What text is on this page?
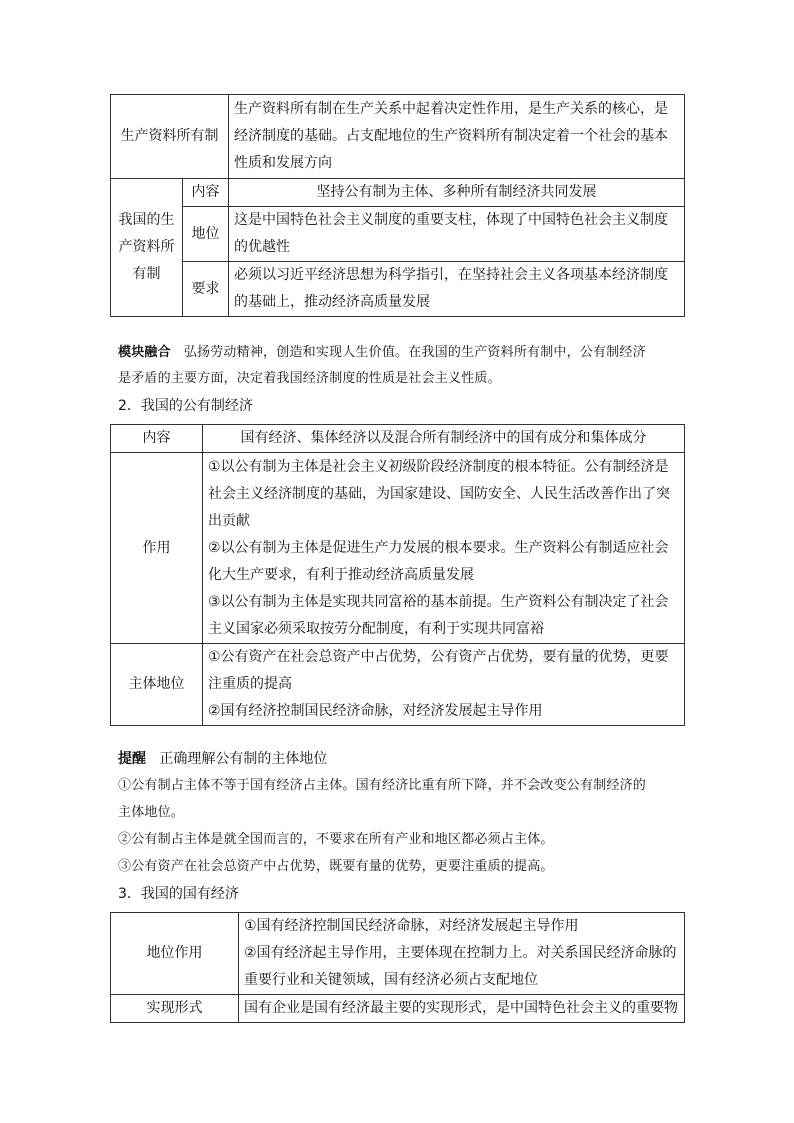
生产资料所有制		生产资料所有制在生产关系中起着决定性作用，是生产关系的核心，是经济制度的基础。占支配地位的生产资料所有制决定着一个社会的基本性质和发展方向
我国的生产资料所有制	内容	坚持公有制为主体、多种所有制经济共同发展
	地位	这是中国特色社会主义制度的重要支柱，体现了中国特色社会主义制度的优越性
	要求	必须以习近平经济思想为科学指引，在坚持社会主义各项基本经济制度的基础上，推动经济高质量发展

模块融合 弘扬劳动精神，创造和实现人生价值。在我国的生产资料所有制中，公有制经济

是矛盾的主要方面，决定着我国经济制度的性质是社会主义性质。

2．我国的公有制经济

内容	国有经济、集体经济以及混合所有制经济中的国有成分和集体成分
作用	①以公有制为主体是社会主义初级阶段经济制度的根本特征。公有制经济是社会主义经济制度的基础，为国家建设、国防安全、人民生活改善作出了突出贡献
②以公有制为主体是促进生产力发展的根本要求。生产资料公有制适应社会化大生产要求，有利于推动经济高质量发展
③以公有制为主体是实现共同富裕的基本前提。生产资料公有制决定了社会主义国家必须采取按劳分配制度，有利于实现共同富裕

主体地位	①公有资产在社会总资产中占优势，公有资产占优势，要有量的优势，更要注重质的提高
②国有经济控制国民经济命脉，对经济发展起主导作用

提醒 正确理解公有制的主体地位

①公有制占主体不等于国有经济占主体。国有经济比重有所下降，并不会改变公有制经济的

主体地位。

②公有制占主体是就全国而言的，不要求在所有产业和地区都必须占主体。

③公有资产在社会总资产中占优势，既要有量的优势，更要注重质的提高。

3．我国的国有经济

地位作用	①国有经济控制国民经济命脉，对经济发展起主导作用
②国有经济起主导作用，主要体现在控制力上。对关系国民经济命脉的重要行业和关键领域，国有经济必须占支配地位

实现形式	国有企业是国有经济最主要的实现形式，是中国特色社会主义的重要物
